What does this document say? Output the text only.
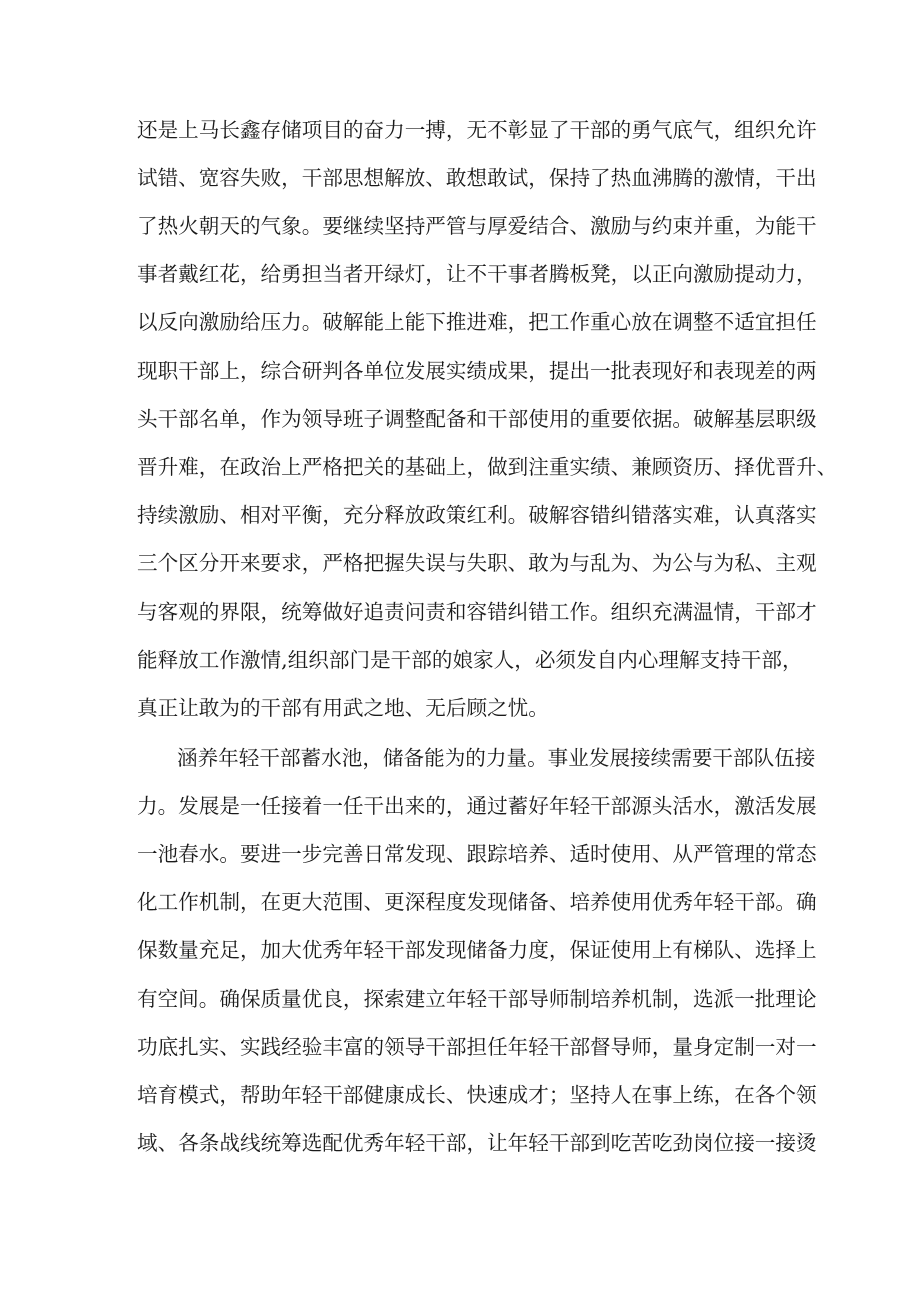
还是上马长鑫存储项目的奋力一搏，无不彰显了干部的勇气底气，组织允许
试错、宽容失败，干部思想解放、敢想敢试，保持了热血沸腾的激情，干出
了热火朝天的气象。要继续坚持严管与厚爱结合、激励与约束并重，为能干
事者戴红花，给勇担当者开绿灯，让不干事者腾板凳，以正向激励提动力，
以反向激励给压力。破解能上能下推进难，把工作重心放在调整不适宜担任
现职干部上，综合研判各单位发展实绩成果，提出一批表现好和表现差的两
头干部名单，作为领导班子调整配备和干部使用的重要依据。破解基层职级
晋升难，在政治上严格把关的基础上，做到注重实绩、兼顾资历、择优晋升、
持续激励、相对平衡，充分释放政策红利。破解容错纠错落实难，认真落实
三个区分开来要求，严格把握失误与失职、敢为与乱为、为公与为私、主观
与客观的界限，统筹做好追责问责和容错纠错工作。组织充满温情，干部才
能释放工作激情,组织部门是干部的娘家人，必须发自内心理解支持干部，
真正让敢为的干部有用武之地、无后顾之忧。
涵养年轻干部蓄水池，储备能为的力量。事业发展接续需要干部队伍接
力。发展是一任接着一任干出来的，通过蓄好年轻干部源头活水，激活发展
一池春水。要进一步完善日常发现、跟踪培养、适时使用、从严管理的常态
化工作机制，在更大范围、更深程度发现储备、培养使用优秀年轻干部。确
保数量充足，加大优秀年轻干部发现储备力度，保证使用上有梯队、选择上
有空间。确保质量优良，探索建立年轻干部导师制培养机制，选派一批理论
功底扎实、实践经验丰富的领导干部担任年轻干部督导师，量身定制一对一
培育模式，帮助年轻干部健康成长、快速成才；坚持人在事上练，在各个领
域、各条战线统筹选配优秀年轻干部，让年轻干部到吃苦吃劲岗位接一接烫
